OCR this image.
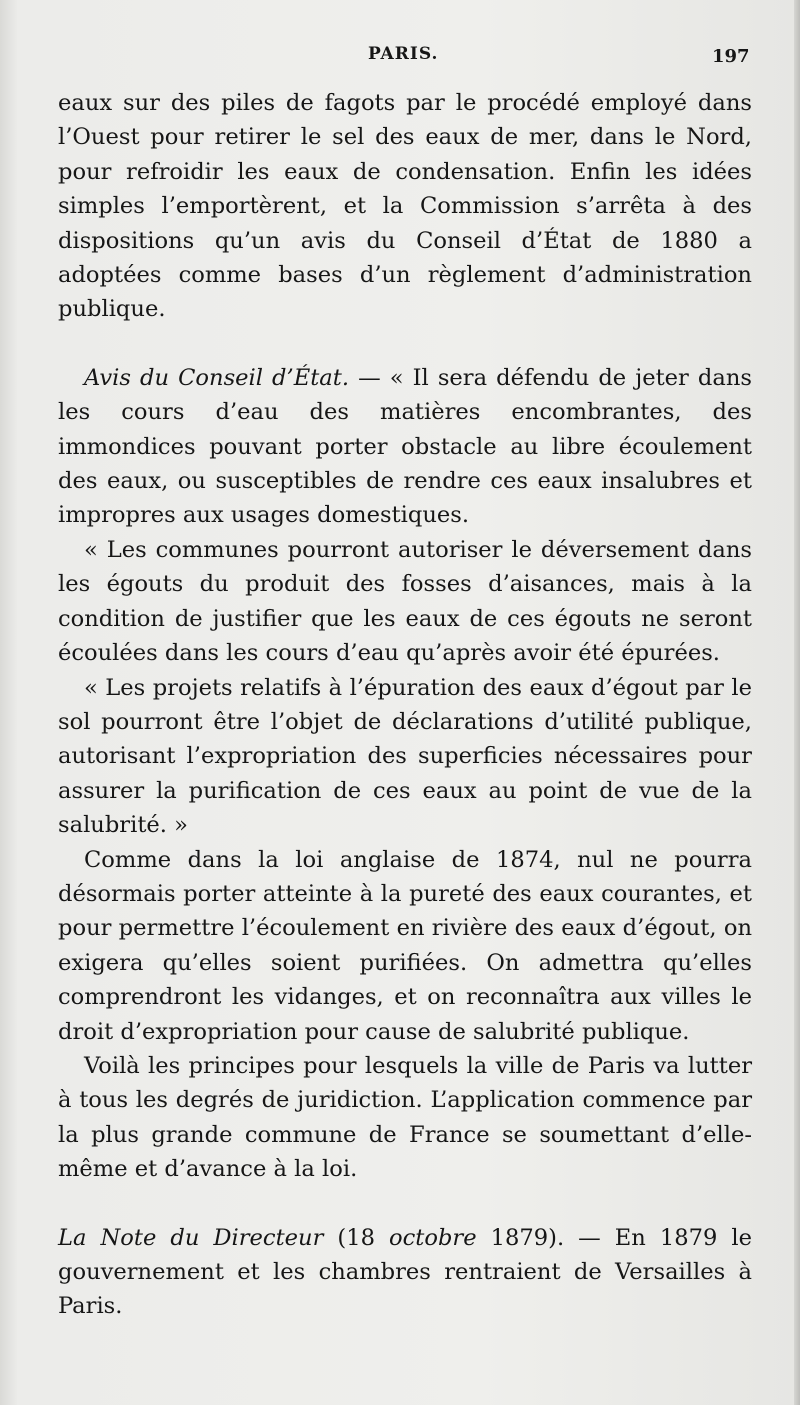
PARIS.	197

eaux sur des piles de fagots par le procédé employé dans l’Ouest pour retirer le sel des eaux de mer, dans le Nord, pour refroidir les eaux de condensation. Enfin les idées simples l’emportèrent, et la Commission s’arrêta à des dispositions qu’un avis du Conseil d’État de 1880 a adoptées comme bases d’un règlement d’administration publique.

Avis du Conseil d’État. — « Il sera défendu de jeter dans les cours d’eau des matières encombrantes, des immondices pouvant porter obstacle au libre écoulement des eaux, ou susceptibles de rendre ces eaux insalubres et impropres aux usages domestiques.

« Les communes pourront autoriser le déversement dans les égouts du produit des fosses d’aisances, mais à la condition de justifier que les eaux de ces égouts ne seront écoulées dans les cours d’eau qu’après avoir été épurées.

« Les projets relatifs à l’épuration des eaux d’égout par le sol pourront être l’objet de déclarations d’utilité publique, autorisant l’expropriation des superficies nécessaires pour assurer la purification de ces eaux au point de vue de la salubrité. »

Comme dans la loi anglaise de 1874, nul ne pourra désormais porter atteinte à la pureté des eaux courantes, et pour permettre l’écoulement en rivière des eaux d’égout, on exigera qu’elles soient purifiées. On admettra qu’elles comprendront les vidanges, et on reconnaîtra aux villes le droit d’expropriation pour cause de salubrité publique.

Voilà les principes pour lesquels la ville de Paris va lutter à tous les degrés de juridiction. L’application commence par la plus grande commune de France se soumettant d’elle-même et d’avance à la loi.

La Note du Directeur (18 octobre 1879). — En 1879 le gouvernement et les chambres rentraient de Versailles à Paris.
